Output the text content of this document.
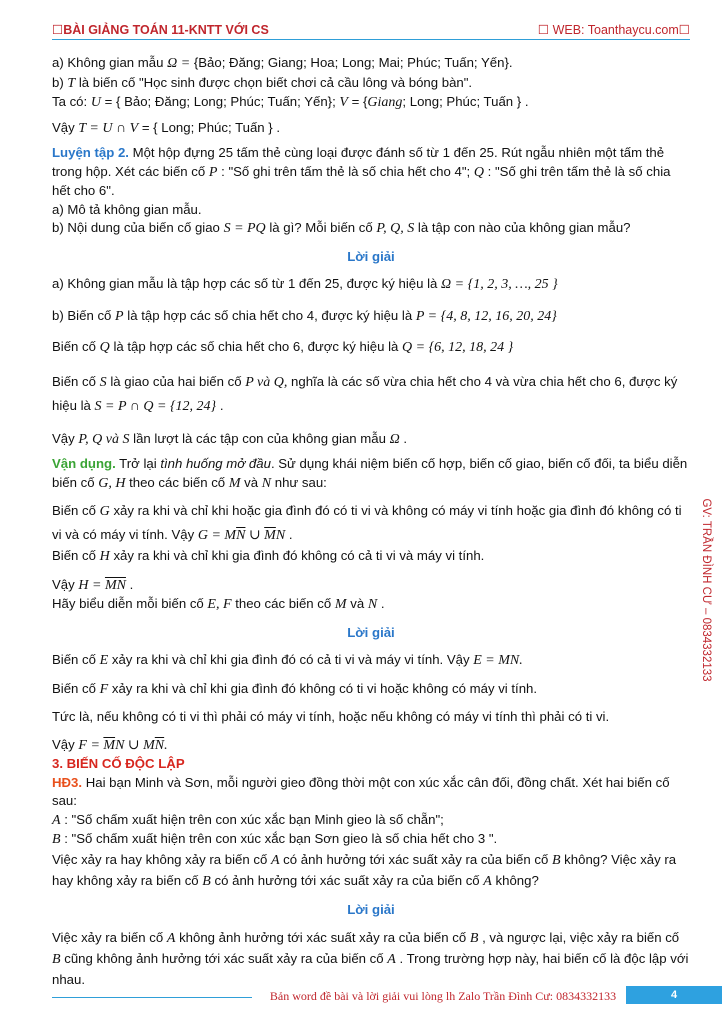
☐BÀI GIẢNG TOÁN 11-KNTT VỚI CS	☐ WEB: Toanthaycu.com☐
GV: TRẦN ĐÌNH CƯ – 0834332133

a) Không gian mẫu Ω = {Bảo; Đăng; Giang; Hoa; Long; Mai; Phúc; Tuấn; Yến}.

b) T là biến cố "Học sinh được chọn biết chơi cả cầu lông và bóng bàn".

Ta có: U = { Bảo; Đăng; Long; Phúc; Tuấn; Yến}; V = {Giang; Long; Phúc; Tuấn } .

Vậy T = U ∩ V = { Long; Phúc; Tuấn } .

Luyện tập 2. Một hộp đựng 25 tấm thẻ cùng loại được đánh số từ 1 đến 25. Rút ngẫu nhiên một tấm thẻ trong hộp. Xét các biến cố P : "Số ghi trên tấm thẻ là số chia hết cho 4"; Q : "Số ghi trên tấm thẻ là số chia hết cho 6".

a) Mô tả không gian mẫu.

b) Nội dung của biến cố giao S = PQ là gì? Mỗi biến cố P, Q, S là tập con nào của không gian mẫu?

Lời giải

a) Không gian mẫu là tập hợp các số từ 1 đến 25, được ký hiệu là Ω = {1, 2, 3, …, 25 }

b) Biến cố P là tập hợp các số chia hết cho 4, được ký hiệu là P = {4, 8, 12, 16, 20, 24}

Biến cố Q là tập hợp các số chia hết cho 6, được ký hiệu là Q = {6, 12, 18, 24 }

Biến cố S là giao của hai biến cố P và Q, nghĩa là các số vừa chia hết cho 4 và vừa chia hết cho 6, được ký hiệu là S = P ∩ Q = {12, 24} .

Vậy P, Q và S lần lượt là các tập con của không gian mẫu Ω .

Vận dụng. Trở lại tình huống mở đầu. Sử dụng khái niệm biến cố hợp, biến cố giao, biến cố đối, ta biểu diễn biến cố G, H theo các biến cố M và N như sau:

Biến cố G xảy ra khi và chỉ khi hoặc gia đình đó có ti vi và không có máy vi tính hoặc gia đình đó không có ti vi và có máy vi tính. Vậy $G = M\overline{N}$ ∪ $\overline{M}N$ .

Biến cố H xảy ra khi và chỉ khi gia đình đó không có cả ti vi và máy vi tính.

Vậy $H = \overline{MN}$ .

Hãy biểu diễn mỗi biến cố E, F theo các biến cố M và N .

Lời giải

Biến cố E xảy ra khi và chỉ khi gia đình đó có cả ti vi và máy vi tính. Vậy E = MN.

Biến cố F xảy ra khi và chỉ khi gia đình đó không có ti vi hoặc không có máy vi tính.

Tức là, nếu không có ti vi thì phải có máy vi tính, hoặc nếu không có máy vi tính thì phải có ti vi.

Vậy $F = \overline{M}N$ ∪ $M\overline{N}$.

3. BIẾN CỐ ĐỘC LẬP

HĐ3. Hai bạn Minh và Sơn, mỗi người gieo đồng thời một con xúc xắc cân đối, đồng chất. Xét hai biến cố sau:

A : "Số chấm xuất hiện trên con xúc xắc bạn Minh gieo là số chẵn";

B : "Số chấm xuất hiện trên con xúc xắc bạn Sơn gieo là số chia hết cho 3 ".

Việc xảy ra hay không xảy ra biến cố A có ảnh hưởng tới xác suất xảy ra của biến cố B không? Việc xảy ra hay không xảy ra biến cố B có ảnh hưởng tới xác suất xảy ra của biến cố A không?

Lời giải

Việc xảy ra biến cố A không ảnh hưởng tới xác suất xảy ra của biến cố B , và ngược lại, việc xảy ra biến cố B cũng không ảnh hưởng tới xác suất xảy ra của biến cố A . Trong trường hợp này, hai biến cố là độc lập với nhau.

Bản word đề bài và lời giải vui lòng lh Zalo Trần Đình Cư: 0834332133	4
